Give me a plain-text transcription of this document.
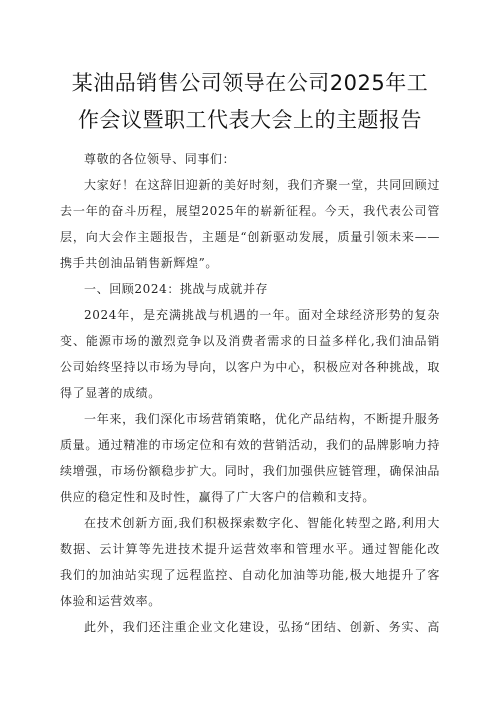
某油品销售公司领导在公司2025年工
作会议暨职工代表大会上的主题报告
尊敬的各位领导、同事们：
大家好！在这辞旧迎新的美好时刻，我们齐聚一堂，共同回顾过
去一年的奋斗历程，展望2025年的崭新征程。今天，我代表公司管
层，向大会作主题报告，主题是“创新驱动发展，质量引领未来——
携手共创油品销售新辉煌”。
一、回顾2024：挑战与成就并存
2024年，是充满挑战与机遇的一年。面对全球经济形势的复杂
变、能源市场的激烈竞争以及消费者需求的日益多样化,我们油品销
公司始终坚持以市场为导向，以客户为中心，积极应对各种挑战，取
得了显著的成绩。
一年来，我们深化市场营销策略，优化产品结构，不断提升服务
质量。通过精准的市场定位和有效的营销活动，我们的品牌影响力持
续增强，市场份额稳步扩大。同时，我们加强供应链管理，确保油品
供应的稳定性和及时性，赢得了广大客户的信赖和支持。
在技术创新方面,我们积极探索数字化、智能化转型之路,利用大
数据、云计算等先进技术提升运营效率和管理水平。通过智能化改
我们的加油站实现了远程监控、自动化加油等功能,极大地提升了客
体验和运营效率。
此外，我们还注重企业文化建设，弘扬“团结、创新、务实、高
